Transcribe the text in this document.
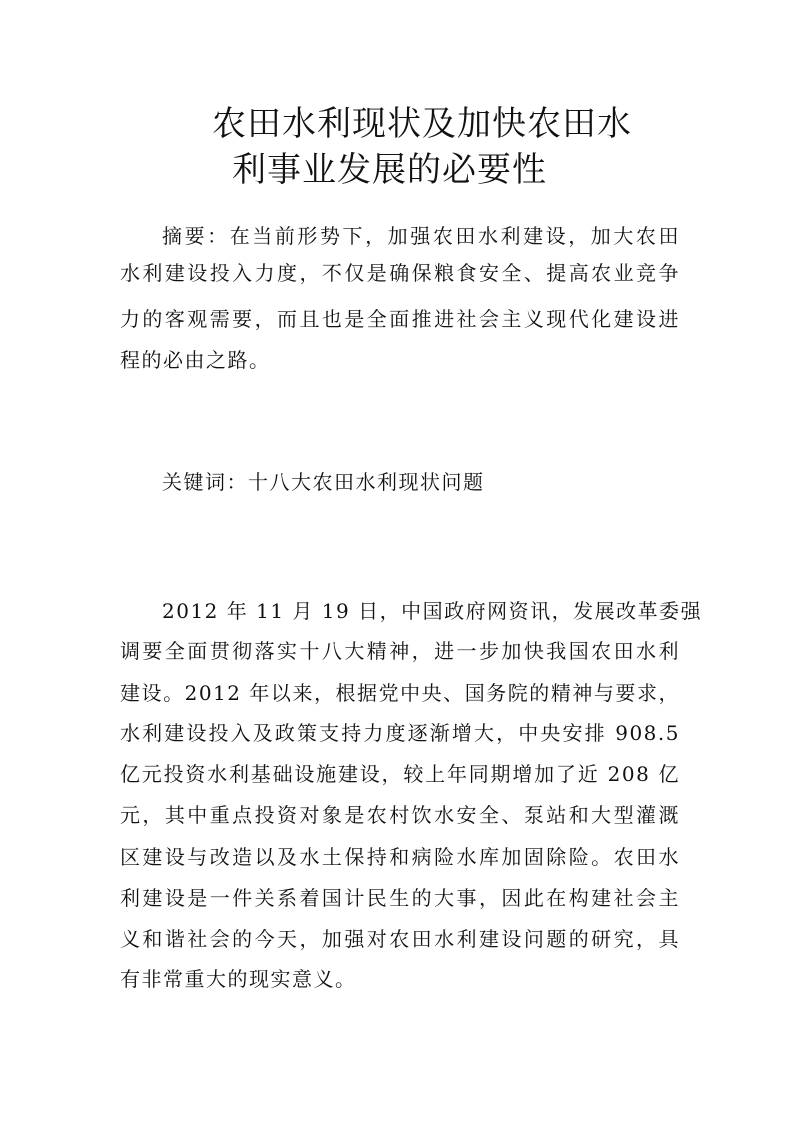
农田水利现状及加快农田水
利事业发展的必要性
摘要：在当前形势下，加强农田水利建设，加大农田
水利建设投入力度，不仅是确保粮食安全、提高农业竞争
力的客观需要，而且也是全面推进社会主义现代化建设进
程的必由之路。
关键词：十八大农田水利现状问题
2012 年 11 月 19 日，中国政府网资讯，发展改革委强
调要全面贯彻落实十八大精神，进一步加快我国农田水利
建设。2012 年以来，根据党中央、国务院的精神与要求，
水利建设投入及政策支持力度逐渐增大，中央安排 908.5
亿元投资水利基础设施建设，较上年同期增加了近 208 亿
元，其中重点投资对象是农村饮水安全、泵站和大型灌溉
区建设与改造以及水土保持和病险水库加固除险。农田水
利建设是一件关系着国计民生的大事，因此在构建社会主
义和谐社会的今天，加强对农田水利建设问题的研究，具
有非常重大的现实意义。
